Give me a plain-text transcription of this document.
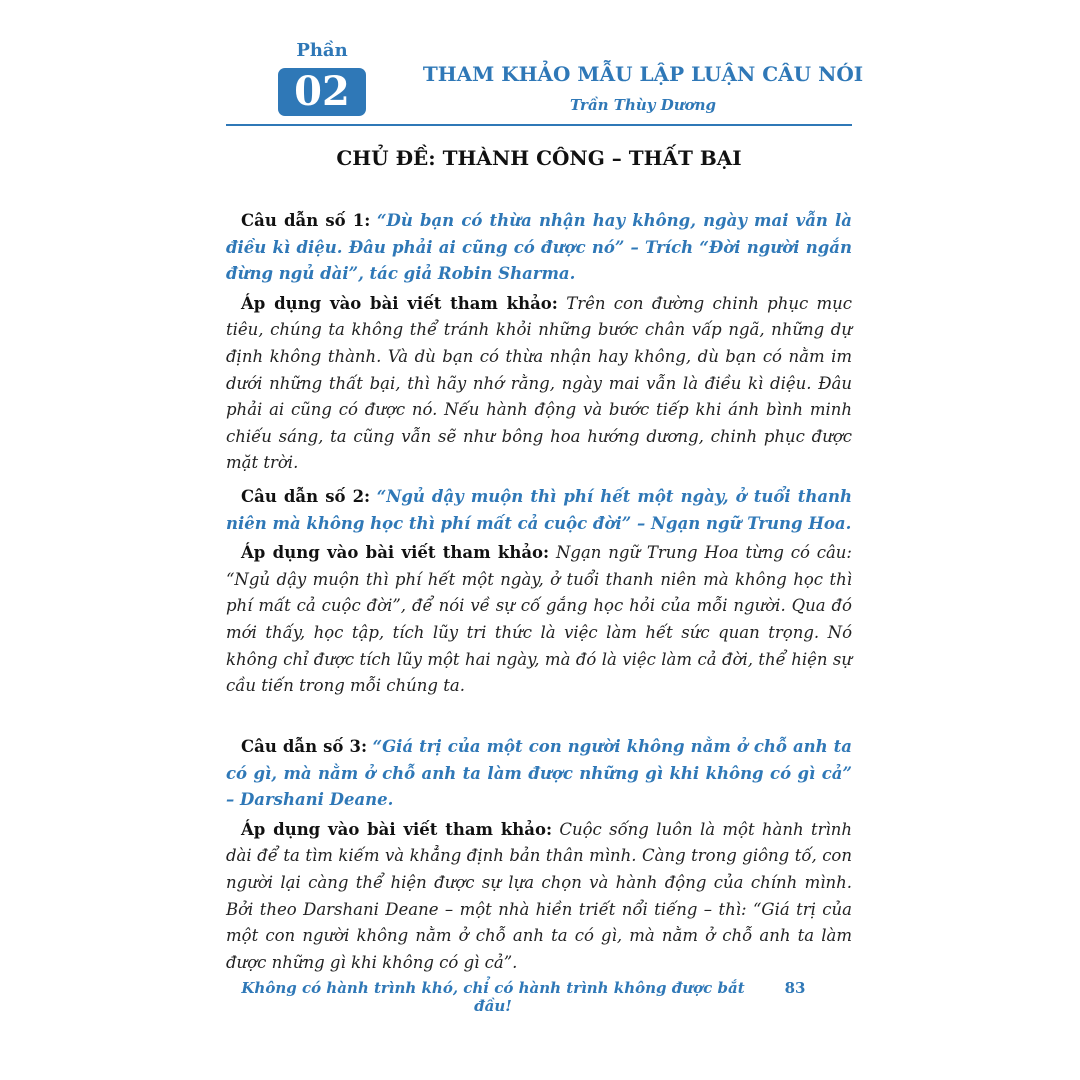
Phần
02	THAM KHẢO MẪU LẬP LUẬN CÂU NÓI
Trần Thùy Dương
CHỦ ĐỀ: THÀNH CÔNG – THẤT BẠI

Câu dẫn số 1: “Dù bạn có thừa nhận hay không, ngày mai vẫn là điều kì diệu. Đâu phải ai cũng có được nó” – Trích “Đời người ngắn đừng ngủ dài”, tác giả Robin Sharma.

Áp dụng vào bài viết tham khảo: Trên con đường chinh phục mục tiêu, chúng ta không thể tránh khỏi những bước chân vấp ngã, những dự định không thành. Và dù bạn có thừa nhận hay không, dù bạn có nằm im dưới những thất bại, thì hãy nhớ rằng, ngày mai vẫn là điều kì diệu. Đâu phải ai cũng có được nó. Nếu hành động và bước tiếp khi ánh bình minh chiếu sáng, ta cũng vẫn sẽ như bông hoa hướng dương, chinh phục được mặt trời.

Câu dẫn số 2: “Ngủ dậy muộn thì phí hết một ngày, ở tuổi thanh niên mà không học thì phí mất cả cuộc đời” – Ngạn ngữ Trung Hoa.

Áp dụng vào bài viết tham khảo: Ngạn ngữ Trung Hoa từng có câu: “Ngủ dậy muộn thì phí hết một ngày, ở tuổi thanh niên mà không học thì phí mất cả cuộc đời”, để nói về sự cố gắng học hỏi của mỗi người. Qua đó mới thấy, học tập, tích lũy tri thức là việc làm hết sức quan trọng. Nó không chỉ được tích lũy một hai ngày, mà đó là việc làm cả đời, thể hiện sự cầu tiến trong mỗi chúng ta.

Câu dẫn số 3: “Giá trị của một con người không nằm ở chỗ anh ta có gì, mà nằm ở chỗ anh ta làm được những gì khi không có gì cả” – Darshani Deane.

Áp dụng vào bài viết tham khảo: Cuộc sống luôn là một hành trình dài để ta tìm kiếm và khẳng định bản thân mình. Càng trong giông tố, con người lại càng thể hiện được sự lựa chọn và hành động của chính mình. Bởi theo Darshani Deane – một nhà hiền triết nổi tiếng – thì: “Giá trị của một con người không nằm ở chỗ anh ta có gì, mà nằm ở chỗ anh ta làm được những gì khi không có gì cả”.

Không có hành trình khó, chỉ có hành trình không được bắt đầu!
83
